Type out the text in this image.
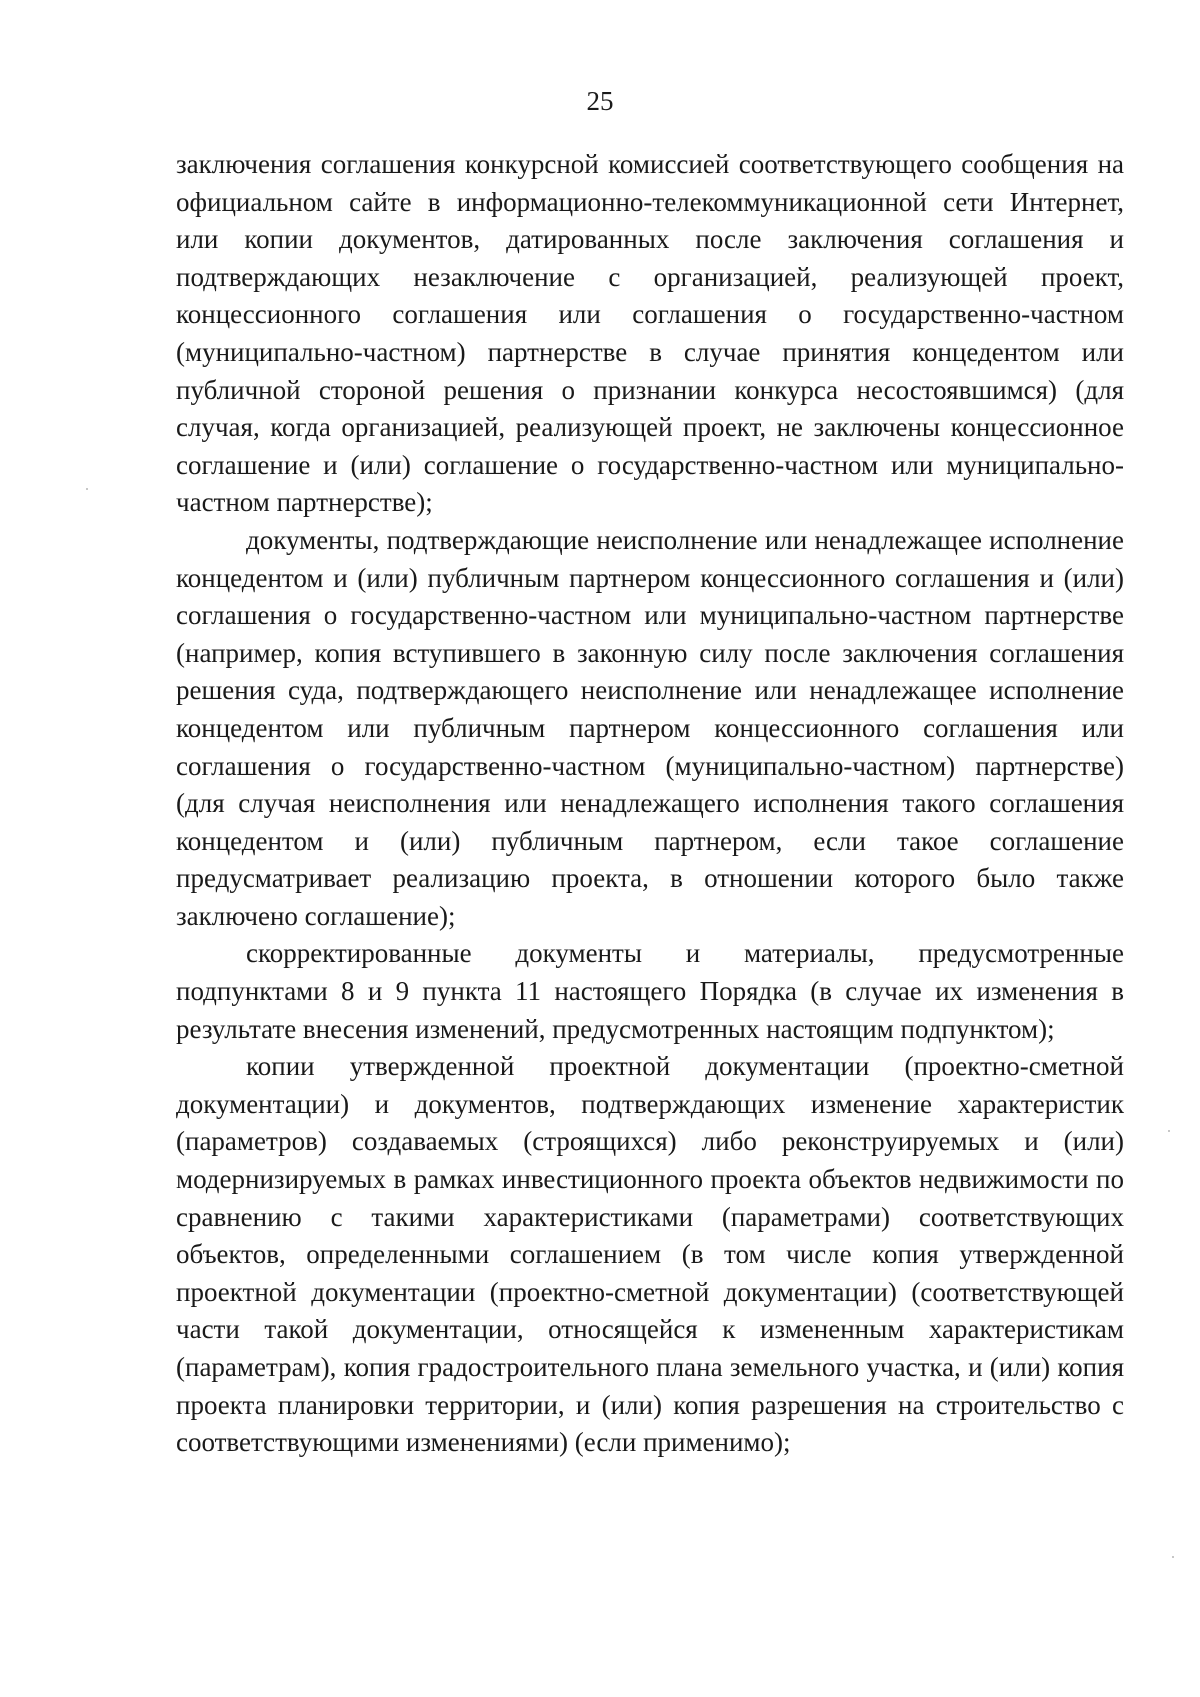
25

заключения соглашения конкурсной комиссией соответствующего сообщения на официальном сайте в информационно-телекоммуникационной сети Интернет, или копии документов, датированных после заключения соглашения и подтверждающих незаключение с организацией, реализующей проект, концессионного соглашения или соглашения о государственно-частном (муниципально-частном) партнерстве в случае принятия концедентом или публичной стороной решения о признании конкурса несостоявшимся) (для случая, когда организацией, реализующей проект, не заключены концессионное соглашение и (или) соглашение о государственно-частном или муниципально-частном партнерстве);

документы, подтверждающие неисполнение или ненадлежащее исполнение концедентом и (или) публичным партнером концессионного соглашения и (или) соглашения о государственно-частном или муниципально-частном партнерстве (например, копия вступившего в законную силу после заключения соглашения решения суда, подтверждающего неисполнение или ненадлежащее исполнение концедентом или публичным партнером концессионного соглашения или соглашения о государственно-частном (муниципально-частном) партнерстве) (для случая неисполнения или ненадлежащего исполнения такого соглашения концедентом и (или) публичным партнером, если такое соглашение предусматривает реализацию проекта, в отношении которого было также заключено соглашение);

скорректированные документы и материалы, предусмотренные подпунктами 8 и 9 пункта 11 настоящего Порядка (в случае их изменения в результате внесения изменений, предусмотренных настоящим подпунктом);

копии утвержденной проектной документации (проектно-сметной документации) и документов, подтверждающих изменение характеристик (параметров) создаваемых (строящихся) либо реконструируемых и (или) модернизируемых в рамках инвестиционного проекта объектов недвижимости по сравнению с такими характеристиками (параметрами) соответствующих объектов, определенными соглашением (в том числе копия утвержденной проектной документации (проектно-сметной документации) (соответствующей части такой документации, относящейся к измененным характеристикам (параметрам), копия градостроительного плана земельного участка, и (или) копия проекта планировки территории, и (или) копия разрешения на строительство с соответствующими изменениями) (если применимо);
